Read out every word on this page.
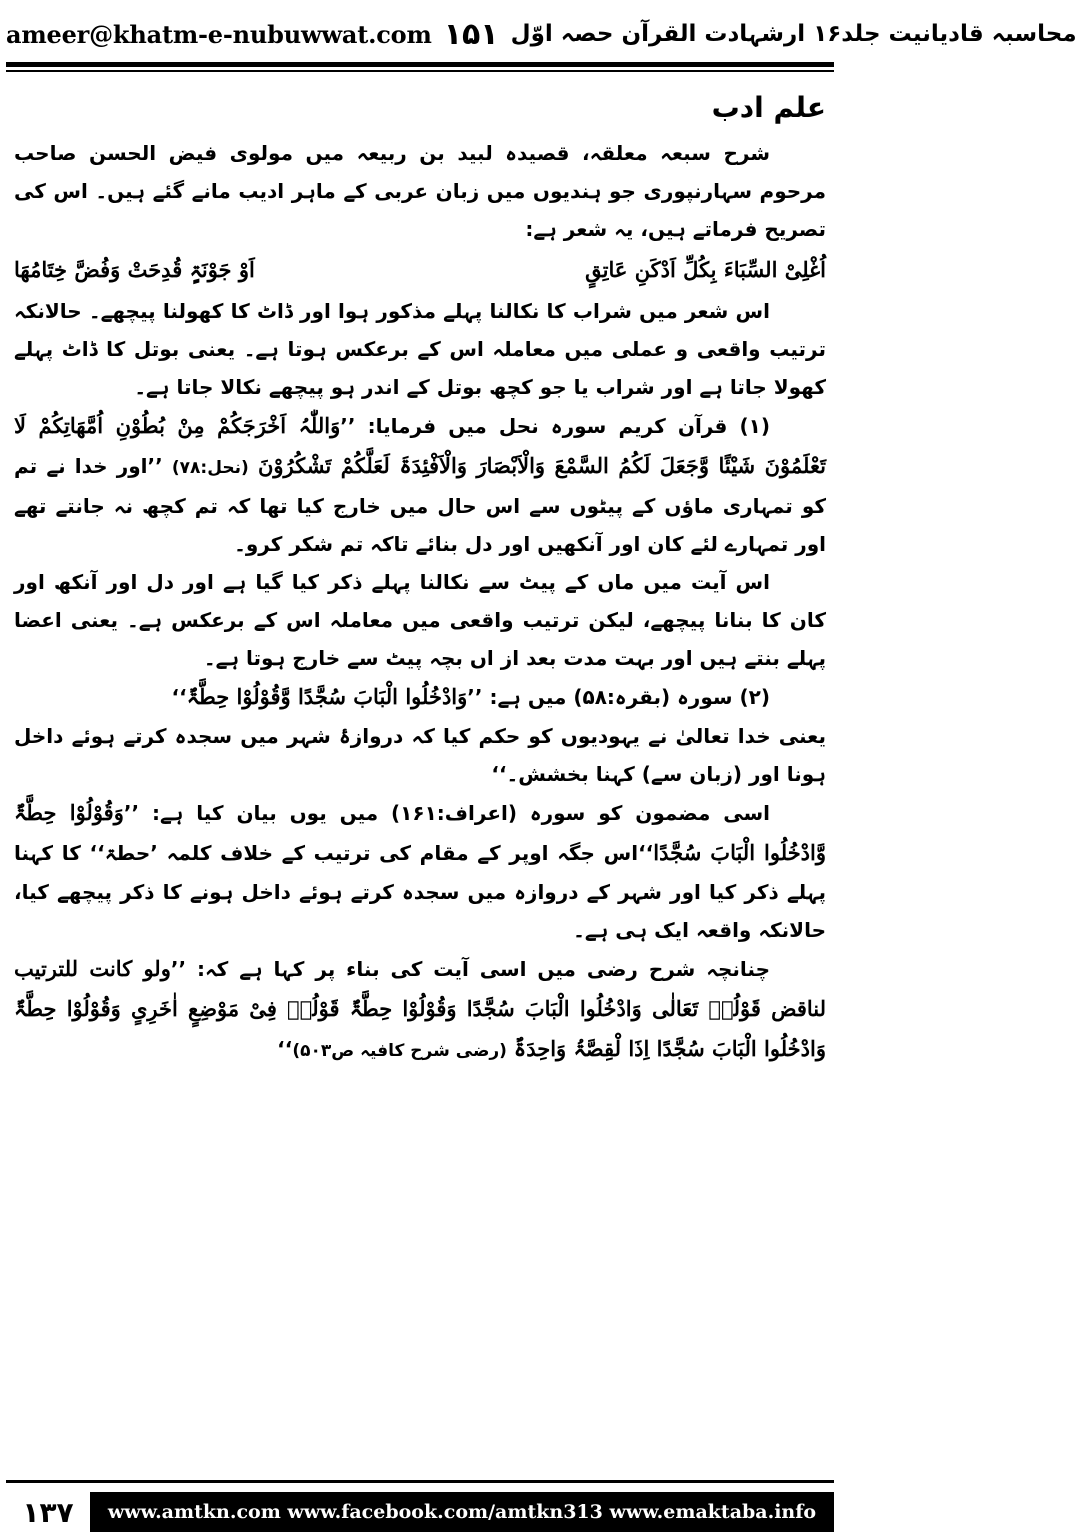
ameer@khatm-e-nubuwwat.com ۱۵۱ محاسبہ قادیانیت جلد۱۶ ارشہادت القرآن حصہ اوّل
علم ادب

شرح سبعہ معلقہ، قصیدہ لبید بن ربیعہ میں مولوی فیض الحسن صاحب مرحوم سہارنپوری جو ہندیوں میں زبان عربی کے ماہر ادیب مانے گئے ہیں۔ اس کی تصریح فرماتے ہیں، یہ شعر ہے:

اُغْلِیْ السِّبَاءَ بِکُلِّ اَدْکَنِ عَاتِقٍ
اَوْ جَوْنَۃٍ قُدِحَتْ وَفُضَّ خِتَامُھَا

اس شعر میں شراب کا نکالنا پہلے مذکور ہوا اور ڈاٹ کا کھولنا پیچھے۔ حالانکہ ترتیب واقعی و عملی میں معاملہ اس کے برعکس ہوتا ہے۔ یعنی بوتل کا ڈاٹ پہلے کھولا جاتا ہے اور شراب یا جو کچھ بوتل کے اندر ہو پیچھے نکالا جاتا ہے۔

(۱) قرآن کریم سورہ نحل میں فرمایا: ’’وَاللّٰہُ اَخْرَجَکُمْ مِنْ بُطُوْنِ اُمَّھَاتِکُمْ لَا تَعْلَمُوْنَ شَیْئًا وَّجَعَلَ لَکُمُ السَّمْعَ وَالْاَبْصَارَ وَالْاَفْئِدَۃَ لَعَلَّکُمْ تَشْکُرُوْنَ (نحل:۷۸) ’’اور خدا نے تم کو تمہاری ماؤں کے پیٹوں سے اس حال میں خارج کیا تھا کہ تم کچھ نہ جانتے تھے اور تمہارے لئے کان اور آنکھیں اور دل بنائے تاکہ تم شکر کرو۔

اس آیت میں ماں کے پیٹ سے نکالنا پہلے ذکر کیا گیا ہے اور دل اور آنکھ اور کان کا بنانا پیچھے، لیکن ترتیب واقعی میں معاملہ اس کے برعکس ہے۔ یعنی اعضا پہلے بنتے ہیں اور بہت مدت بعد از اں بچہ پیٹ سے خارج ہوتا ہے۔

(۲) سورہ (بقرہ:۵۸) میں ہے: ’’وَادْخُلُوا الْبَابَ سُجَّدًا وَّقُوْلُوْا حِطَّۃٌ‘‘

یعنی خدا تعالیٰ نے یہودیوں کو حکم کیا کہ دروازۂ شہر میں سجدہ کرتے ہوئے داخل ہونا اور (زبان سے) کہنا بخشش۔‘‘

اسی مضمون کو سورہ (اعراف:۱۶۱) میں یوں بیان کیا ہے: ’’وَقُوْلُوْا حِطَّۃٌ وَّادْخُلُوا الْبَابَ سُجَّدًا‘‘اس جگہ اوپر کے مقام کی ترتیب کے خلاف کلمہ ’حطۃ‘‘ کا کہنا پہلے ذکر کیا اور شہر کے دروازہ میں سجدہ کرتے ہوئے داخل ہونے کا ذکر پیچھے کیا، حالانکہ واقعہ ایک ہی ہے۔

چنانچہ شرح رضی میں اسی آیت کی بناء پر کہا ہے کہ: ’’ولو کانت للترتیب لناقض قَوْلُہٗ تَعَالٰی وَادْخُلُوا الْبَابَ سُجَّدًا وَقُوْلُوْا حِطَّۃٌ قَوْلُہٗ فِیْ مَوْضِعٍ اٰخَرِیٍ وَقُوْلُوْا حِطَّۃٌ وَادْخُلُوا الْبَابَ سُجَّدًا اِذَا لْقِصَّۃُ وَاحِدَۃٌ (رضی شرح کافیہ ص۵۰۳)‘‘

۱۳۷	www.amtkn.com www.facebook.com/amtkn313 www.emaktaba.info
